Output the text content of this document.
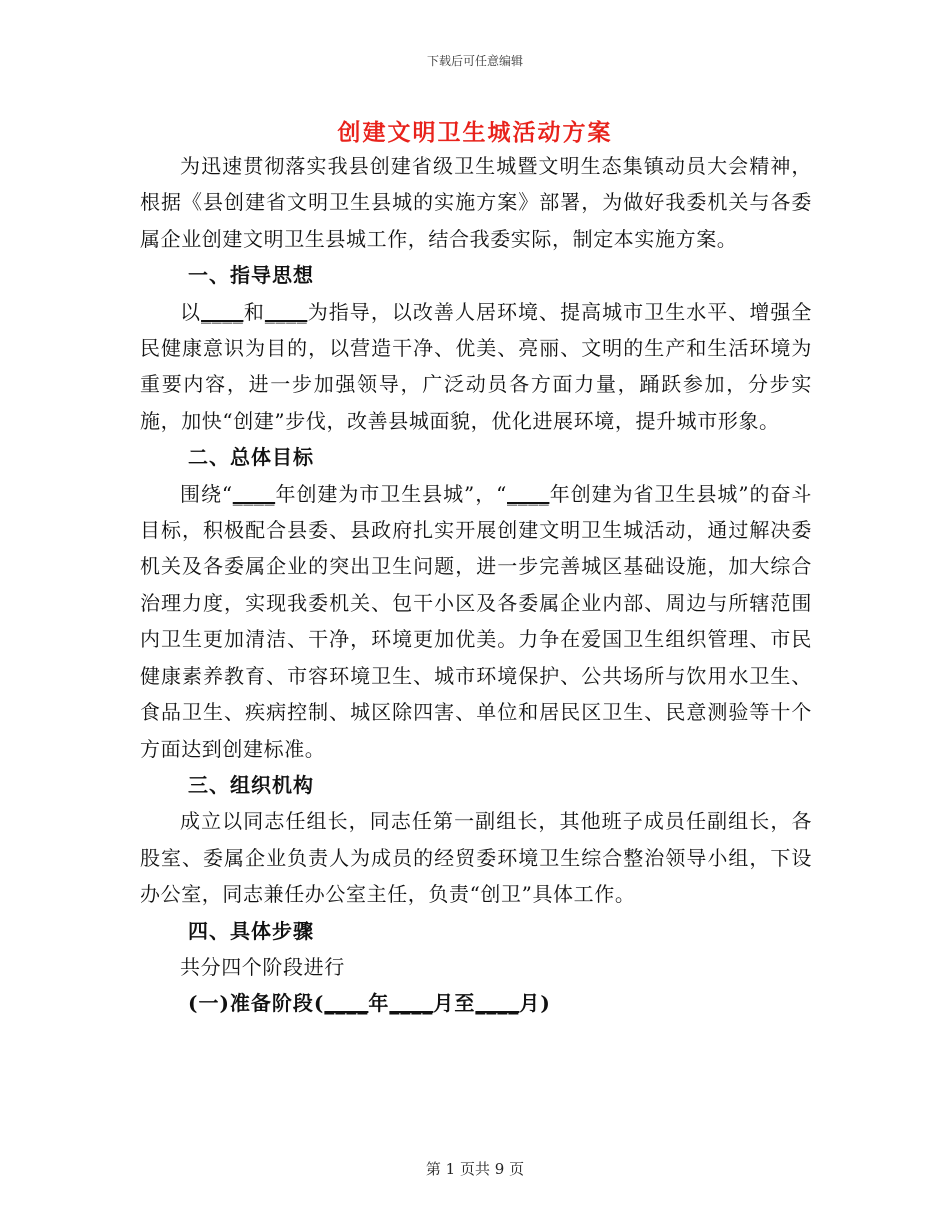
下载后可任意编辑
创建文明卫生城活动方案

为迅速贯彻落实我县创建省级卫生城暨文明生态集镇动员大会精神，根据《县创建省文明卫生县城的实施方案》部署，为做好我委机关与各委属企业创建文明卫生县城工作，结合我委实际，制定本实施方案。

一、指导思想

以____和____为指导，以改善人居环境、提高城市卫生水平、增强全民健康意识为目的，以营造干净、优美、亮丽、文明的生产和生活环境为重要内容，进一步加强领导，广泛动员各方面力量，踊跃参加，分步实施，加快“创建”步伐，改善县城面貌，优化进展环境，提升城市形象。

二、总体目标

围绕“____年创建为市卫生县城”，“____年创建为省卫生县城”的奋斗目标，积极配合县委、县政府扎实开展创建文明卫生城活动，通过解决委机关及各委属企业的突出卫生问题，进一步完善城区基础设施，加大综合治理力度，实现我委机关、包干小区及各委属企业内部、周边与所辖范围内卫生更加清洁、干净，环境更加优美。力争在爱国卫生组织管理、市民健康素养教育、市容环境卫生、城市环境保护、公共场所与饮用水卫生、食品卫生、疾病控制、城区除四害、单位和居民区卫生、民意测验等十个方面达到创建标准。

三、组织机构

成立以同志任组长，同志任第一副组长，其他班子成员任副组长，各股室、委属企业负责人为成员的经贸委环境卫生综合整治领导小组，下设办公室，同志兼任办公室主任，负责“创卫”具体工作。

四、具体步骤

共分四个阶段进行

(一)准备阶段(____年____月至____月)
第 1 页共 9 页
